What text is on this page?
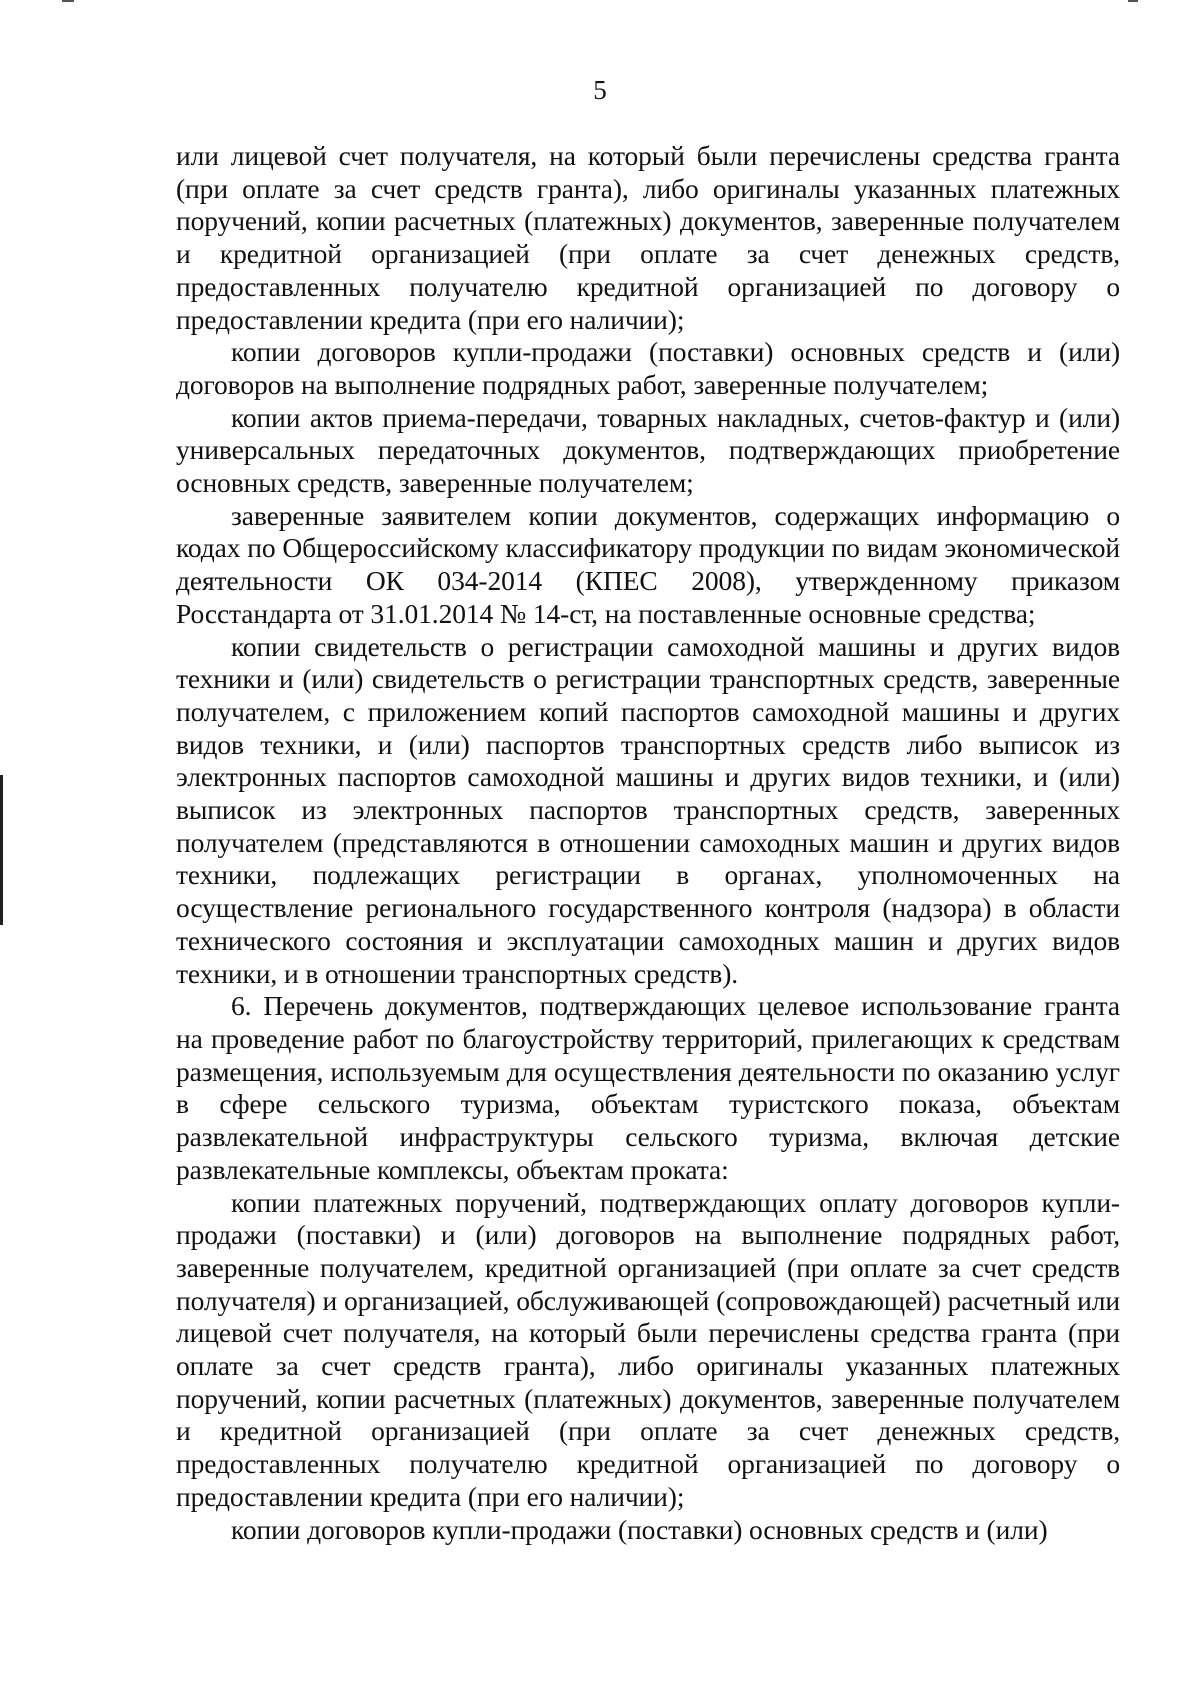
5

или лицевой счет получателя, на который были перечислены средства гранта (при оплате за счет средств гранта), либо оригиналы указанных платежных поручений, копии расчетных (платежных) документов, заверенные получателем и кредитной организацией (при оплате за счет денежных средств, предоставленных получателю кредитной организацией по договору о предоставлении кредита (при его наличии);

копии договоров купли-продажи (поставки) основных средств и (или) договоров на выполнение подрядных работ, заверенные получателем;

копии актов приема-передачи, товарных накладных, счетов-фактур и (или) универсальных передаточных документов, подтверждающих приобретение основных средств, заверенные получателем;

заверенные заявителем копии документов, содержащих информацию о кодах по Общероссийскому классификатору продукции по видам экономической деятельности ОК 034-2014 (КПЕС 2008), утвержденному приказом Росстандарта от 31.01.2014 № 14-ст, на поставленные основные средства;

копии свидетельств о регистрации самоходной машины и других видов техники и (или) свидетельств о регистрации транспортных средств, заверенные получателем, с приложением копий паспортов самоходной машины и других видов техники, и (или) паспортов транспортных средств либо выписок из электронных паспортов самоходной машины и других видов техники, и (или) выписок из электронных паспортов транспортных средств, заверенных получателем (представляются в отношении самоходных машин и других видов техники, подлежащих регистрации в органах, уполномоченных на осуществление регионального государственного контроля (надзора) в области технического состояния и эксплуатации самоходных машин и других видов техники, и в отношении транспортных средств).

6. Перечень документов, подтверждающих целевое использование гранта на проведение работ по благоустройству территорий, прилегающих к средствам размещения, используемым для осуществления деятельности по оказанию услуг в сфере сельского туризма, объектам туристского показа, объектам развлекательной инфраструктуры сельского туризма, включая детские развлекательные комплексы, объектам проката:

копии платежных поручений, подтверждающих оплату договоров купли-продажи (поставки) и (или) договоров на выполнение подрядных работ, заверенные получателем, кредитной организацией (при оплате за счет средств получателя) и организацией, обслуживающей (сопровождающей) расчетный или лицевой счет получателя, на который были перечислены средства гранта (при оплате за счет средств гранта), либо оригиналы указанных платежных поручений, копии расчетных (платежных) документов, заверенные получателем и кредитной организацией (при оплате за счет денежных средств, предоставленных получателю кредитной организацией по договору о предоставлении кредита (при его наличии);

копии договоров купли-продажи (поставки) основных средств и (или)
